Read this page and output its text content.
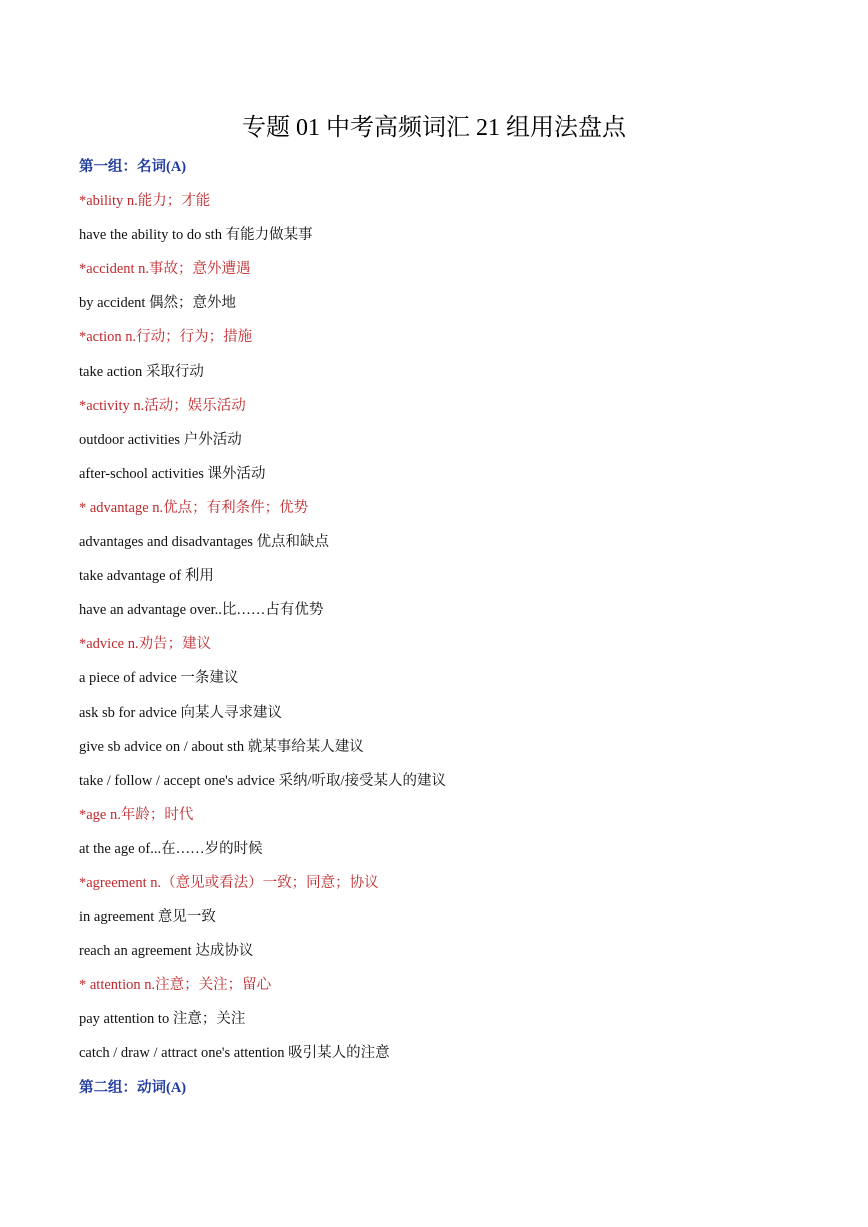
专题 01 中考高频词汇 21 组用法盘点
第一组：名词(A)
*ability n.能力；才能
have the ability to do sth 有能力做某事
*accident n.事故；意外遭遇
by accident 偶然；意外地
*action n.行动；行为；措施
take action 采取行动
*activity n.活动；娱乐活动
outdoor activities 户外活动
after-school activities 课外活动
* advantage n.优点；有利条件；优势
advantages and disadvantages 优点和缺点
take advantage of 利用
have an advantage over..比……占有优势
*advice n.劝告；建议
a piece of advice 一条建议
ask sb for advice 向某人寻求建议
give sb advice on / about sth 就某事给某人建议
take / follow / accept one's advice 采纳/听取/接受某人的建议
*age n.年龄；时代
at the age of...在……岁的时候
*agreement n.（意见或看法）一致；同意；协议
in agreement 意见一致
reach an agreement 达成协议
* attention n.注意；关注；留心
pay attention to 注意；关注
catch / draw / attract one's attention 吸引某人的注意
第二组：动词(A)
